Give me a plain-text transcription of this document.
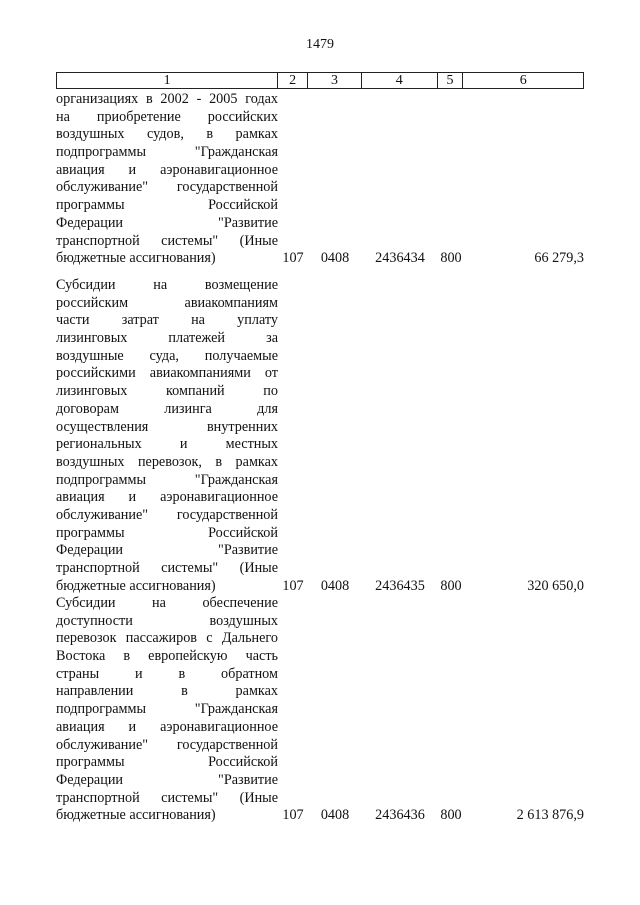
1479
1	2	3	4	5	6
организациях в 2002 - 2005 годах
на приобретение российских
воздушных судов, в рамках
подпрограммы "Гражданская
авиация и аэронавигационное
обслуживание" государственной
программы Российской
Федерации "Развитие
транспортной системы" (Иные
бюджетные ассигнования)	107	0408	2436434	800	66 279,3
Субсидии на возмещение
российским авиакомпаниям
части затрат на уплату
лизинговых платежей за
воздушные суда, получаемые
российскими авиакомпаниями от
лизинговых компаний по
договорам лизинга для
осуществления внутренних
региональных и местных
воздушных перевозок, в рамках
подпрограммы "Гражданская
авиация и аэронавигационное
обслуживание" государственной
программы Российской
Федерации "Развитие
транспортной системы" (Иные
бюджетные ассигнования)	107	0408	2436435	800	320 650,0
Субсидии на обеспечение
доступности воздушных
перевозок пассажиров с Дальнего
Востока в европейскую часть
страны и в обратном
направлении в рамках
подпрограммы "Гражданская
авиация и аэронавигационное
обслуживание" государственной
программы Российской
Федерации "Развитие
транспортной системы" (Иные
бюджетные ассигнования)	107	0408	2436436	800	2 613 876,9
